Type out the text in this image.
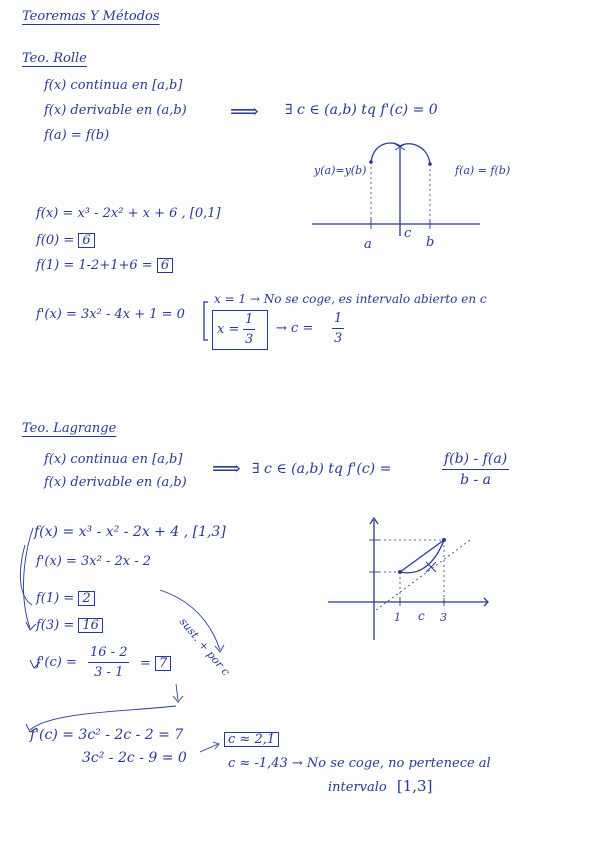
Teoremas Y Métodos
Teo. Rolle
f(x) continua en [a,b]
f(x) derivable en (a,b)
f(a) = f(b)
⟹ ∃ c ∈ (a,b) tq f'(c) = 0
y(a)=y(b)	f(a) = f(b)
a
c
b
f(x) = x³ - 2x² + x + 6 , [0,1]
f(0) = 6
f(1) = 1-2+1+6 = 6
f'(x) = 3x² - 4x + 1 = 0
x = 1 → No se coge, es intervalo abierto en c
$x = \frac{1}{3} \to c = \frac{1}{3}$
Teo. Lagrange
f(x) continua en [a,b]
f(x) derivable en (a,b)
⟹ ∃ c ∈ (a,b) tq f'(c) =	$\frac{f(b) - f(a)}{b - a}$
f(x) = x³ - x² - 2x + 4 , [1,3]
f'(x) = 3x² - 2x - 2
f(1) = 2
f(3) = 16
$f'(c) = \frac{16 - 2}{3 - 1} = 7$ sust. + por c
f'(c) = 3c² - 2c - 2 = 7
3c² - 2c - 9 = 0
c ≈ 2,1
c ≈ -1,43 → No se coge, no pertenece al
intervalo [1,3]
1 c 3
